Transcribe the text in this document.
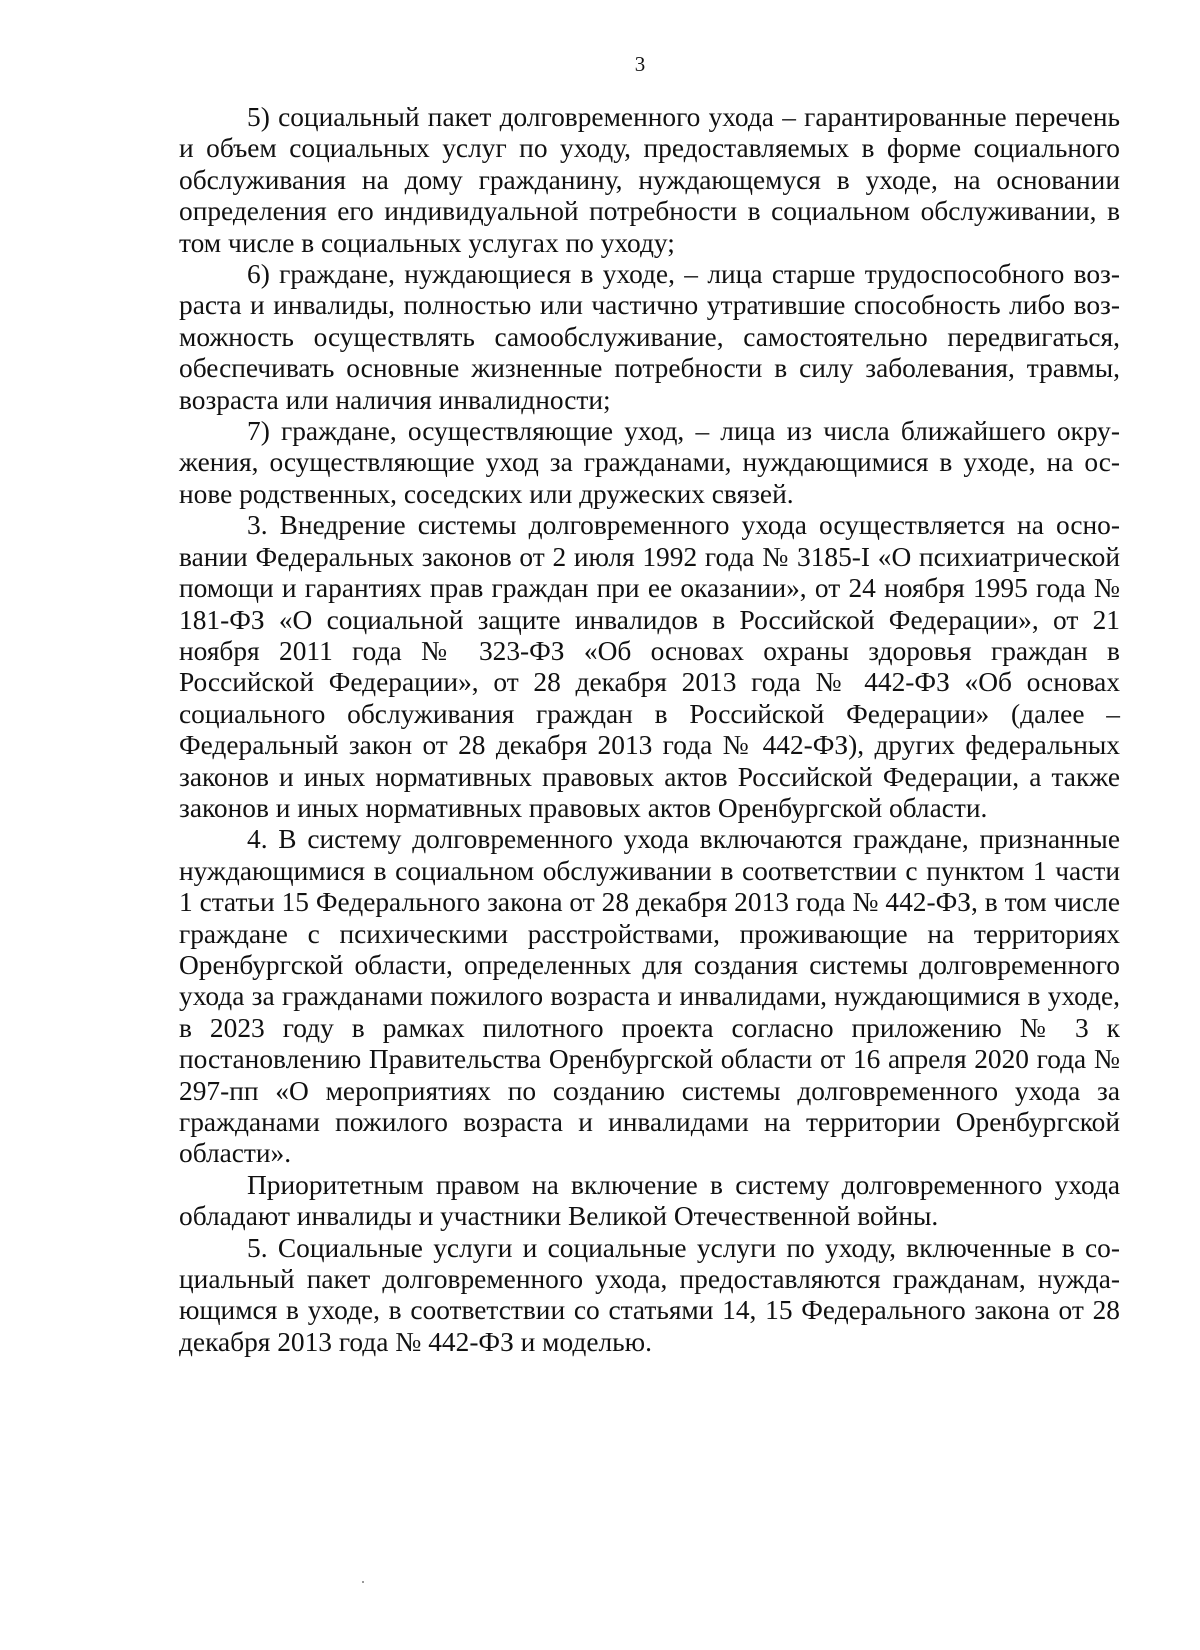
3

5) социальный пакет долговременного ухода – гарантированные перечень и объем социальных услуг по уходу, предоставляемых в форме социального обслуживания на дому гражданину, нуждающемуся в уходе, на основании определения его индивидуальной потребности в социальном обслуживании, в том числе в социальных услугах по уходу;

6) граждане, нуждающиеся в уходе, – лица старше трудоспособного возраста и инвалиды, полностью или частично утратившие способность либо возможность осуществлять самообслуживание, самостоятельно передвигаться, обеспечивать основные жизненные потребности в силу заболевания, травмы, возраста или наличия инвалидности;

7) граждане, осуществляющие уход, – лица из числа ближайшего окружения, осуществляющие уход за гражданами, нуждающимися в уходе, на основе родственных, соседских или дружеских связей.

3. Внедрение системы долговременного ухода осуществляется на основании Федеральных законов от 2 июля 1992 года № 3185-I «О психиатрической помощи и гарантиях прав граждан при ее оказании», от 24 ноября 1995 года № 181-ФЗ «О социальной защите инвалидов в Российской Федерации», от 21 ноября 2011 года № 323-ФЗ «Об основах охраны здоровья граждан в Российской Федерации», от 28 декабря 2013 года № 442-ФЗ «Об основах социального обслуживания граждан в Российской Федерации» (далее – Федеральный закон от 28 декабря 2013 года № 442-ФЗ), других федеральных законов и иных нормативных правовых актов Российской Федерации, а также законов и иных нормативных правовых актов Оренбургской области.

4. В систему долговременного ухода включаются граждане, признанные нуждающимися в социальном обслуживании в соответствии с пунктом 1 части 1 статьи 15 Федерального закона от 28 декабря 2013 года № 442-ФЗ, в том числе граждане с психическими расстройствами, проживающие на территориях Оренбургской области, определенных для создания системы долговременного ухода за гражданами пожилого возраста и инвалидами, нуждающимися в уходе, в 2023 году в рамках пилотного проекта согласно приложению № 3 к постановлению Правительства Оренбургской области от 16 апреля 2020 года № 297-пп «О мероприятиях по созданию системы долговременного ухода за гражданами пожилого возраста и инвалидами на территории Оренбургской области».

Приоритетным правом на включение в систему долговременного ухода обладают инвалиды и участники Великой Отечественной войны.

5. Социальные услуги и социальные услуги по уходу, включенные в социальный пакет долговременного ухода, предоставляются гражданам, нуждающимся в уходе, в соответствии со статьями 14, 15 Федерального закона от 28 декабря 2013 года № 442-ФЗ и моделью.
